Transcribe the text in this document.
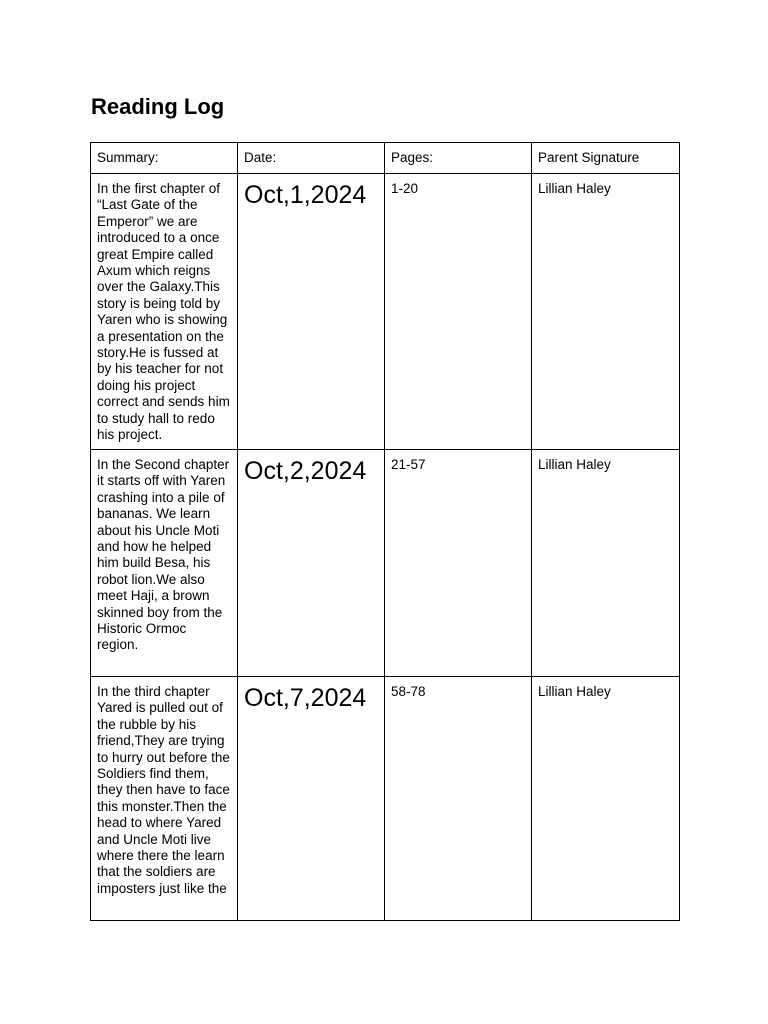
Reading Log
Summary:	Date:	Pages:	Parent Signature
In the first chapter of “Last Gate of the Emperor” we are introduced to a once great Empire called Axum which reigns over the Galaxy.This story is being told by Yaren who is showing a presentation on the story.He is fussed at by his teacher for not doing his project correct and sends him to study hall to redo his project.	Oct,1,2024	1-20	Lillian Haley
In the Second chapter it starts off with Yaren crashing into a pile of bananas. We learn about his Uncle Moti and how he helped him build Besa, his robot lion.We also meet Haji, a brown skinned boy from the Historic Ormoc region.	Oct,2,2024	21-57	Lillian Haley
In the third chapter Yared is pulled out of the rubble by his friend,They are trying to hurry out before the Soldiers find them, they then have to face this monster.Then the head to where Yared and Uncle Moti live where there the learn that the soldiers are imposters just like the	Oct,7,2024	58-78	Lillian Haley
